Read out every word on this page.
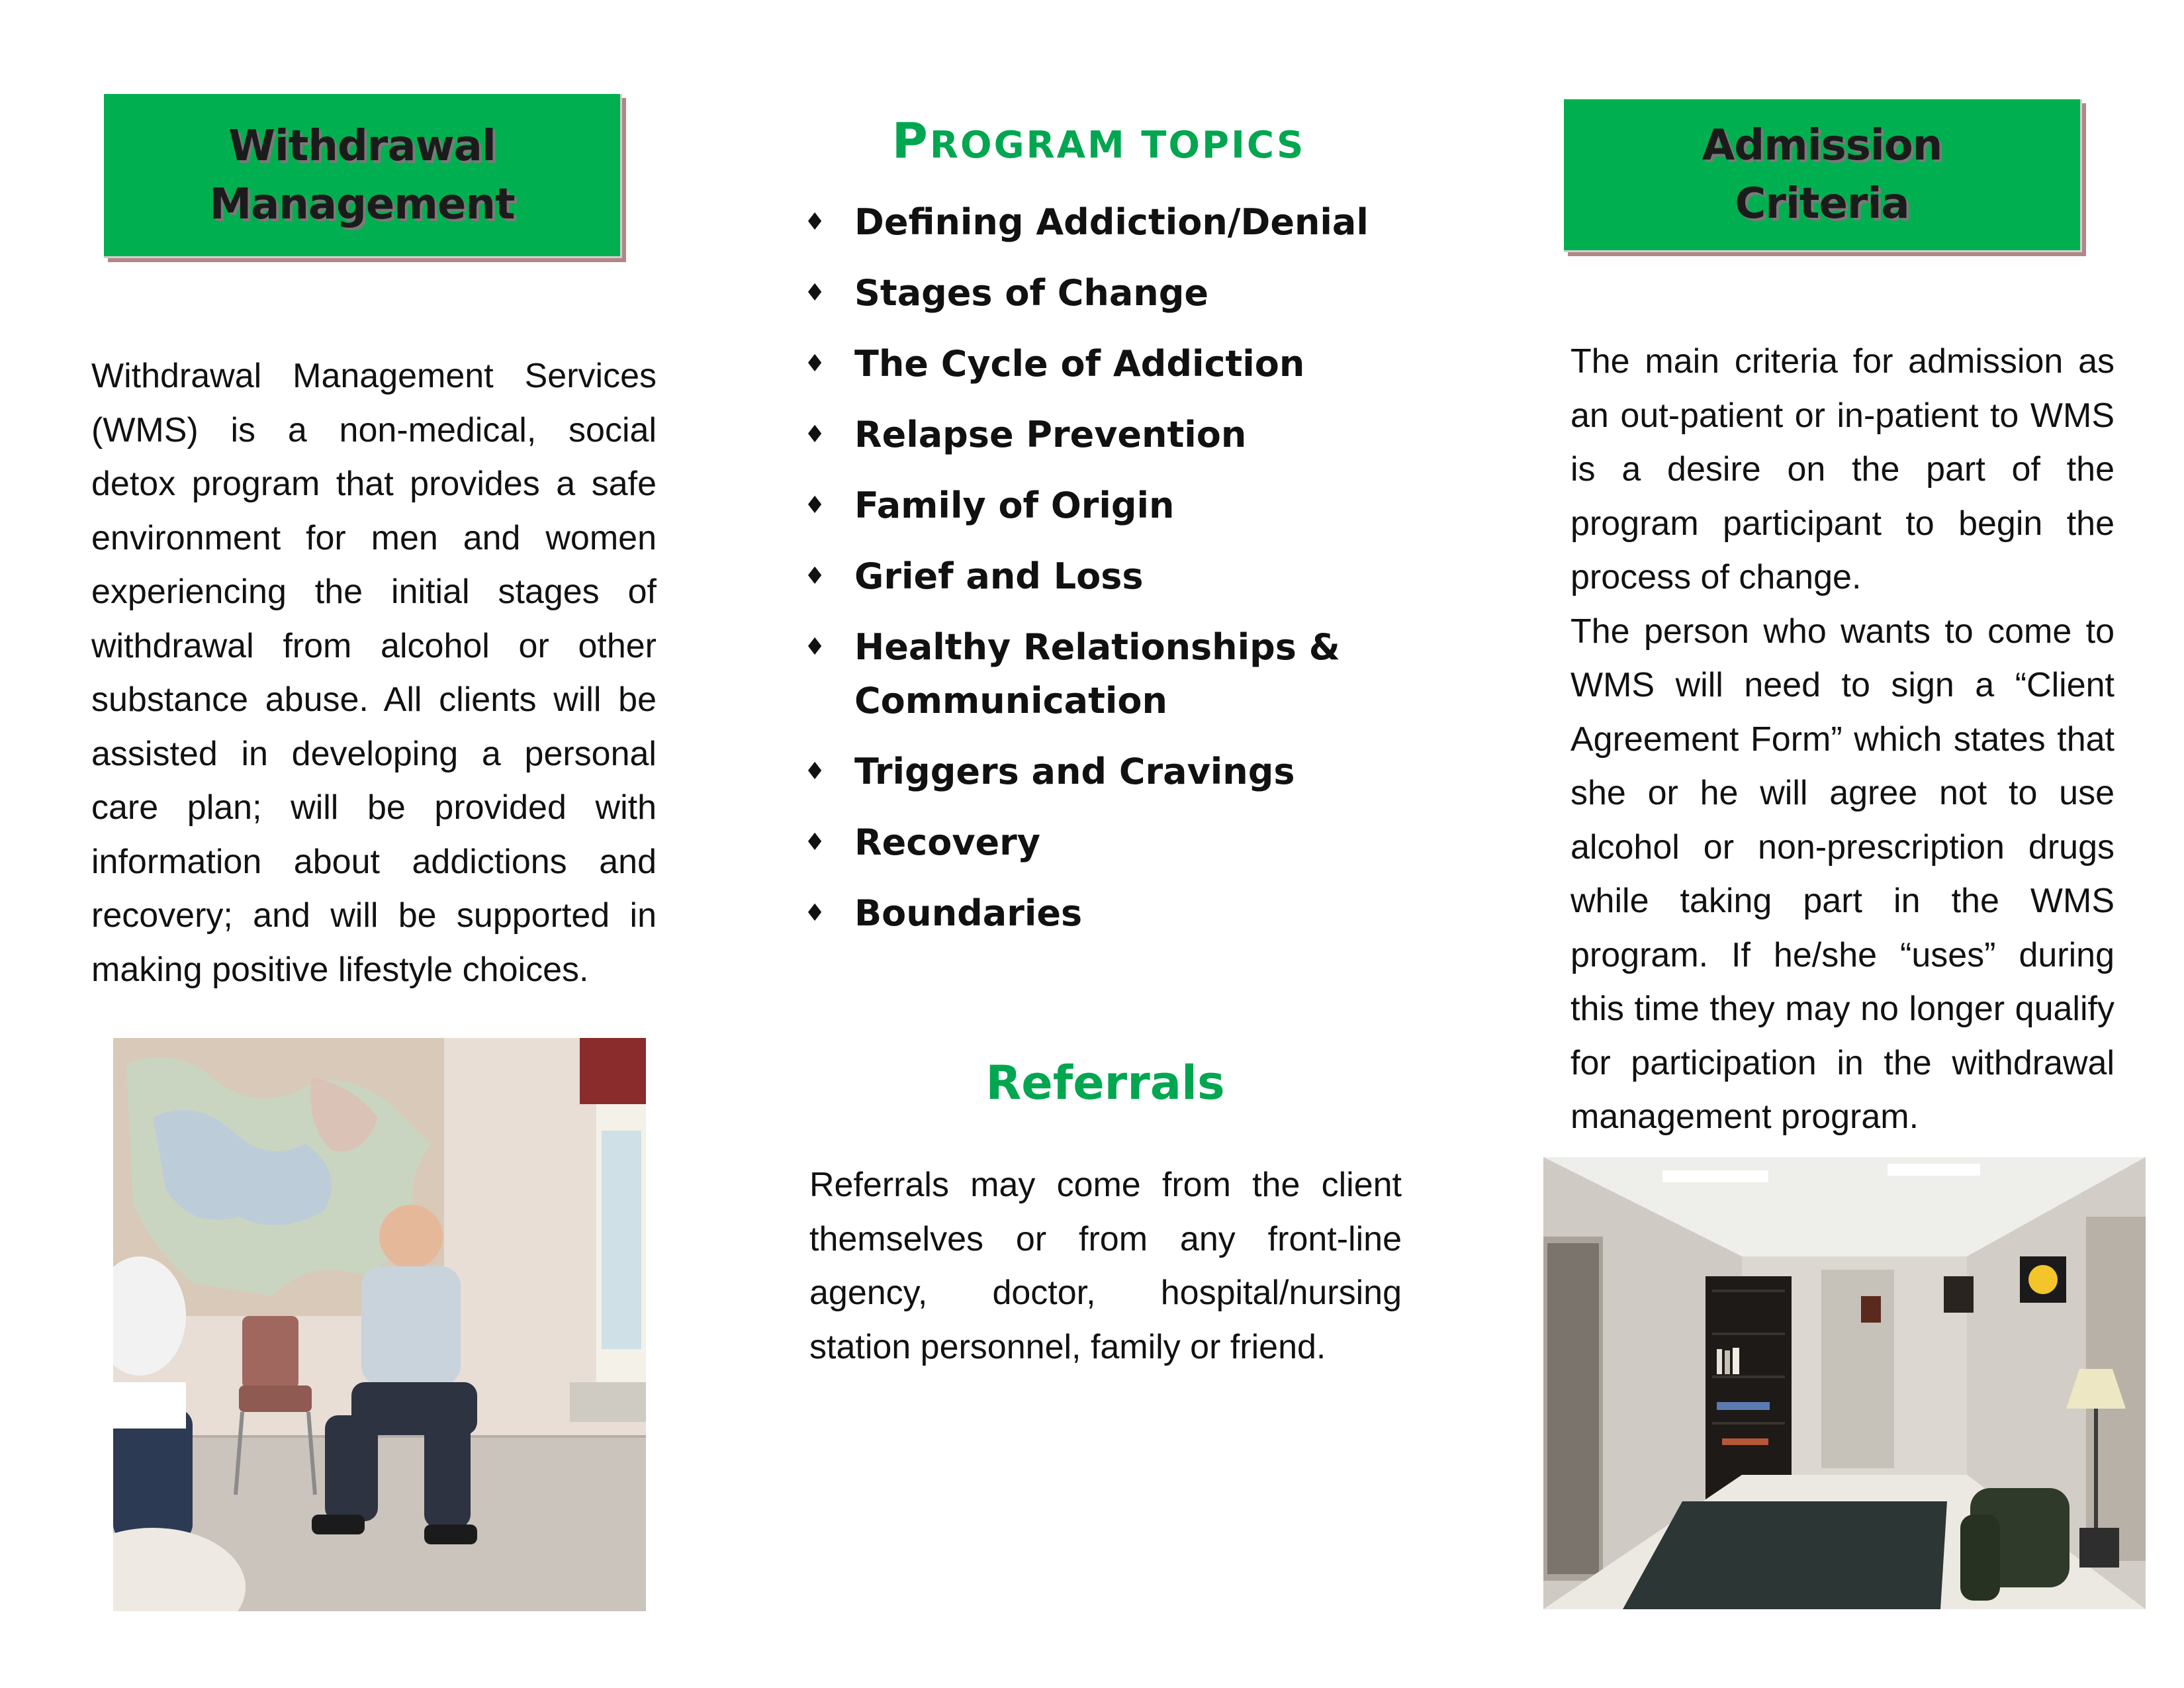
Withdrawal
Management

Withdrawal Management Services (WMS) is a non-medical, social detox program that provides a safe environment for men and women experiencing the initial stages of withdrawal from alcohol or other substance abuse. All clients will be assisted in developing a personal care plan; will be provided with information about addictions and recovery; and will be supported in making positive lifestyle choices.

PROGRAM TOPICS
♦ Defining Addiction/Denial
♦ Stages of Change
♦ The Cycle of Addiction
♦ Relapse Prevention
♦ Family of Origin
♦ Grief and Loss
♦ Healthy Relationships & Communication
♦ Triggers and Cravings
♦ Recovery
♦ Boundaries
Referrals

Referrals may come from the client themselves or from any front-line agency, doctor, hospital/nursing station personnel, family or friend.

Admission
Criteria

The main criteria for admission as an out-patient or in-patient to WMS is a desire on the part of the program participant to begin the process of change.

The person who wants to come to WMS will need to sign a “Client Agreement Form” which states that she or he will agree not to use alcohol or non-prescription drugs while taking part in the WMS program. If he/she “uses” during this time they may no longer qualify for participation in the withdrawal management program.
